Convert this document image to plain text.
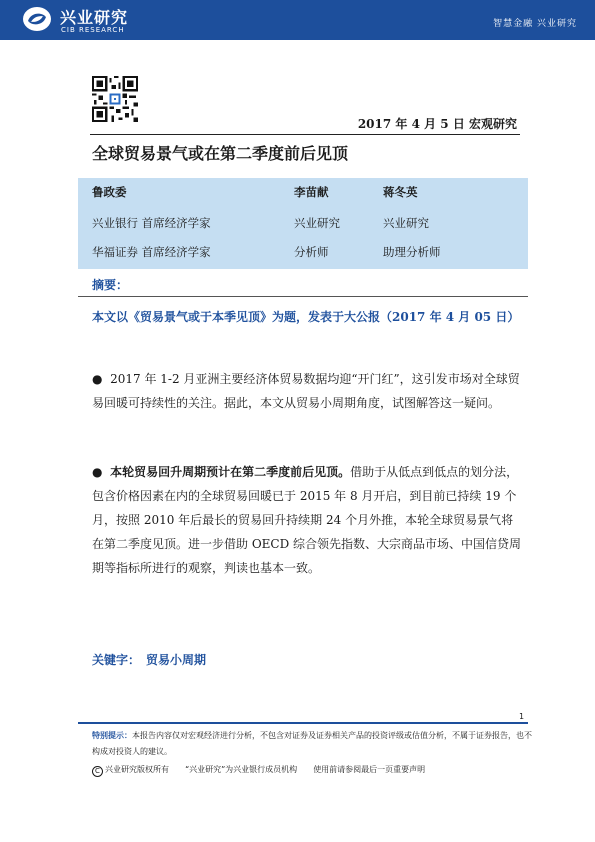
兴业研究
CIB RESEARCH
智慧金融 兴业研究
2017 年 4 月 5 日 宏观研究
全球贸易景气或在第二季度前后见顶
鲁政委
兴业银行 首席经济学家
华福证券 首席经济学家
李苗献
兴业研究
分析师
蒋冬英
兴业研究
助理分析师
摘要：
本文以《贸易景气或于本季见顶》为题，发表于大公报（2017 年 4 月 05 日）
●  2017 年 1-2 月亚洲主要经济体贸易数据均迎“开门红”，这引发市场对全球贸易回暖可持续性的关注。据此，本文从贸易小周期角度，试图解答这一疑问。
●  本轮贸易回升周期预计在第二季度前后见顶。借助于从低点到低点的划分法，包含价格因素在内的全球贸易回暖已于 2015 年 8 月开启，到目前已持续 19 个月，按照 2010 年后最长的贸易回升持续期 24 个月外推，本轮全球贸易景气将在第二季度见顶。进一步借助 OECD 综合领先指数、大宗商品市场、中国信贷周期等指标所进行的观察，判读也基本一致。
关键字： 贸易小周期
1
特别提示：本报告内容仅对宏观经济进行分析，不包含对证券及证券相关产品的投资评级或估值分析，不属于证券报告，也不构成对投资人的建议。
C 兴业研究版权所有 “兴业研究”为兴业银行成员机构 使用前请参阅最后一页重要声明
